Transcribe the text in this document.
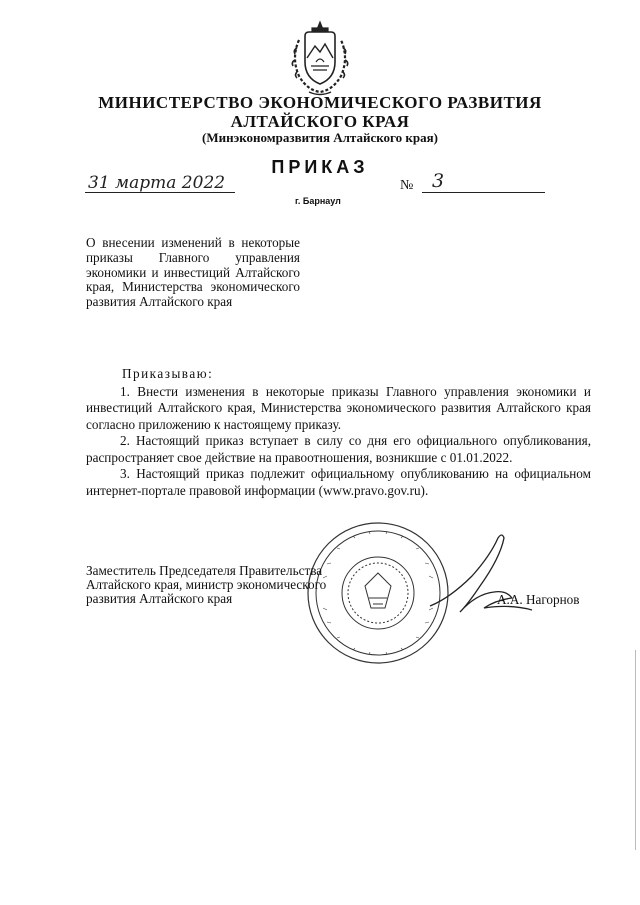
МИНИСТЕРСТВО ЭКОНОМИЧЕСКОГО РАЗВИТИЯ
АЛТАЙСКОГО КРАЯ
(Минэкономразвития Алтайского края)
ПРИКАЗ
31 марта 2022	№ 3
г. Барнаул
О внесении изменений в некоторые приказы Главного управления экономики и инвестиций Алтайского края, Министерства экономического развития Алтайского края

Приказываю:

1. Внести изменения в некоторые приказы Главного управления экономики и инвестиций Алтайского края, Министерства экономического развития Алтайского края согласно приложению к настоящему приказу.

2. Настоящий приказ вступает в силу со дня его официального опубликования, распространяет свое действие на правоотношения, возникшие с 01.01.2022.

3. Настоящий приказ подлежит официальному опубликованию на официальном интернет-портале правовой информации (www.pravo.gov.ru).

Заместитель Председателя Правительства
Алтайского края, министр экономического
развития Алтайского края	А.А. Нагорнов
